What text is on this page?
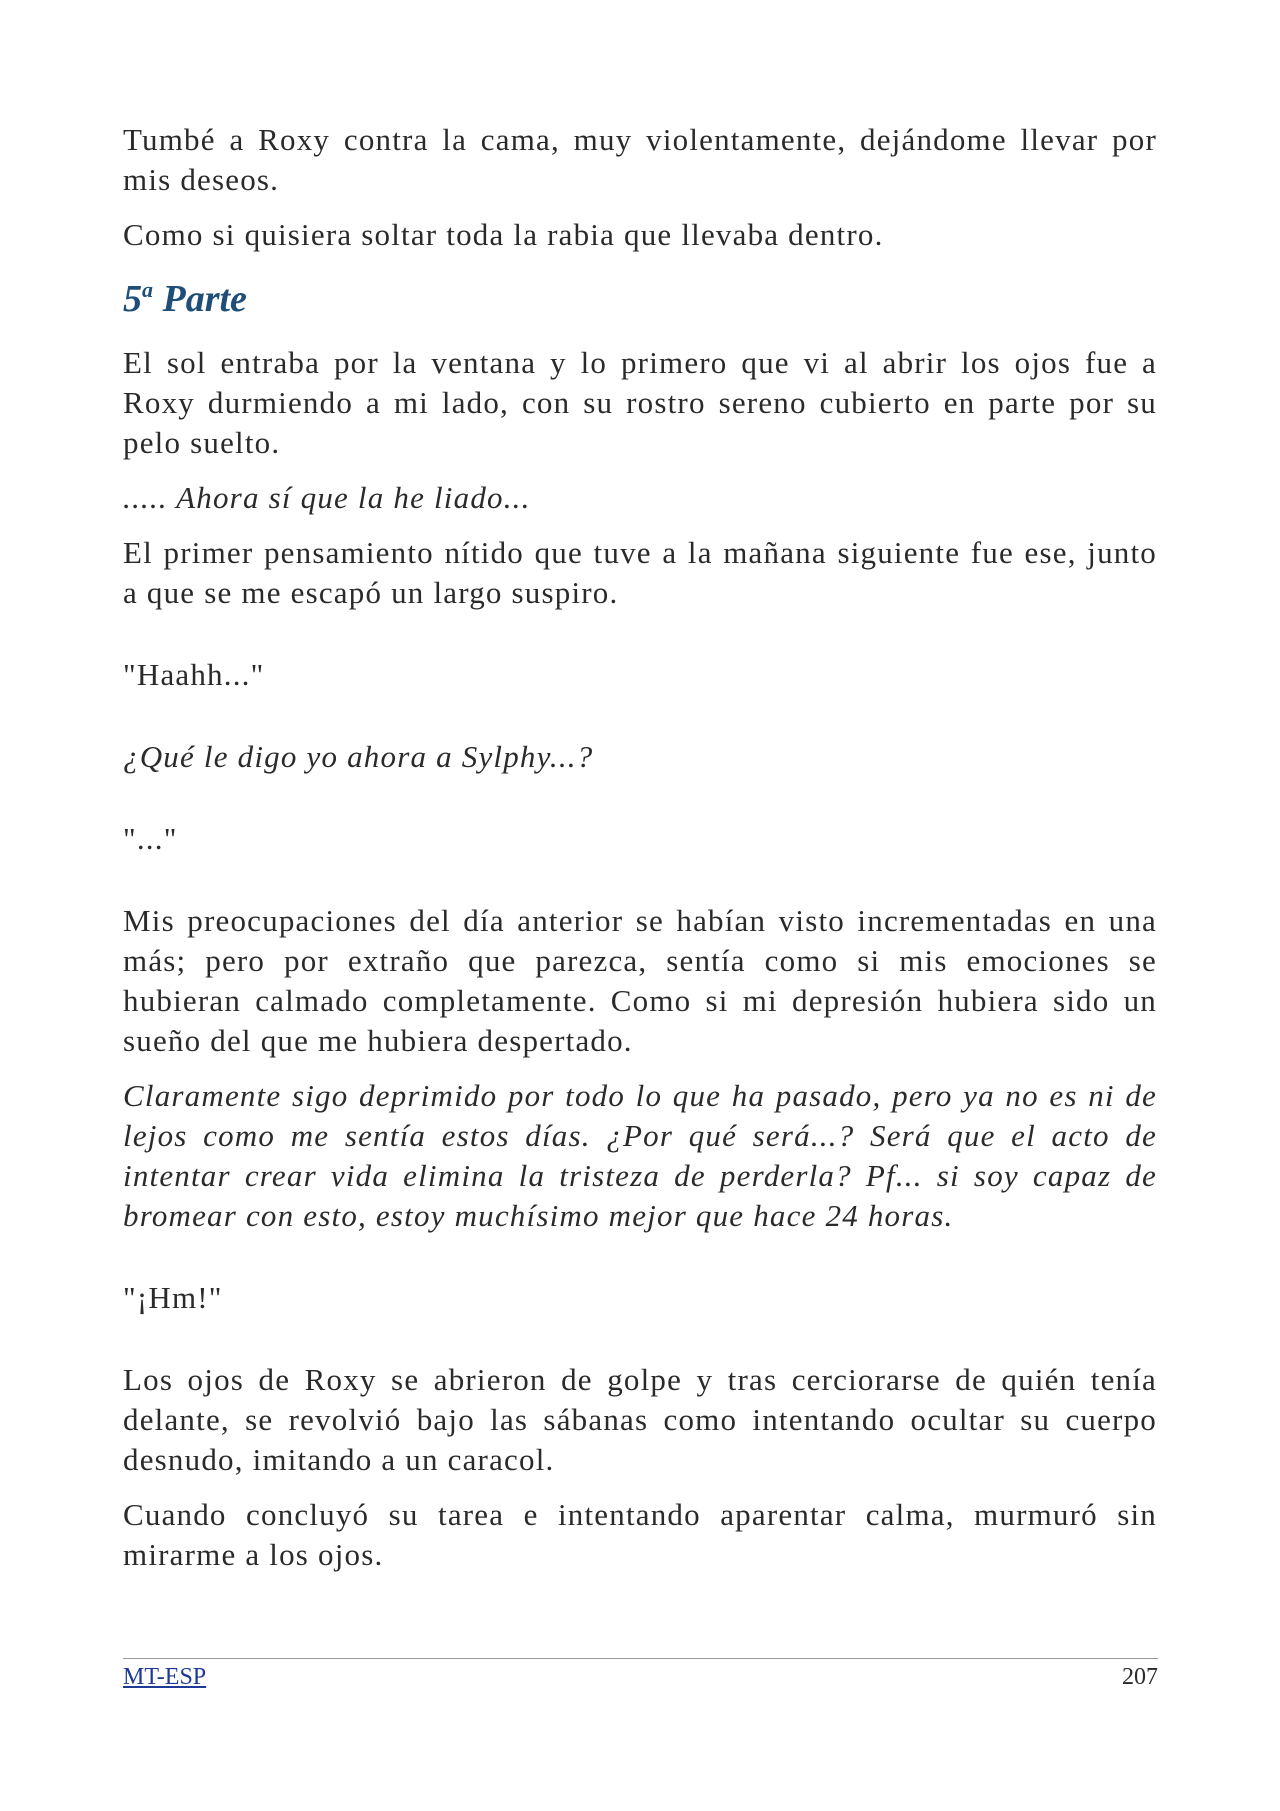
Tumbé a Roxy contra la cama, muy violentamente, dejándome llevar por mis deseos.

Como si quisiera soltar toda la rabia que llevaba dentro.

5$^a$ Parte

El sol entraba por la ventana y lo primero que vi al abrir los ojos fue a Roxy durmiendo a mi lado, con su rostro sereno cubierto en parte por su pelo suelto.

..... Ahora sí que la he liado...

El primer pensamiento nítido que tuve a la mañana siguiente fue ese, junto a que se me escapó un largo suspiro.

"Haahh..."

¿Qué le digo yo ahora a Sylphy...?

"..."

Mis preocupaciones del día anterior se habían visto incrementadas en una más; pero por extraño que parezca, sentía como si mis emociones se hubieran calmado completamente. Como si mi depresión hubiera sido un sueño del que me hubiera despertado.

Claramente sigo deprimido por todo lo que ha pasado, pero ya no es ni de lejos como me sentía estos días. ¿Por qué será...? Será que el acto de intentar crear vida elimina la tristeza de perderla? Pf... si soy capaz de bromear con esto, estoy muchísimo mejor que hace 24 horas.

"¡Hm!"

Los ojos de Roxy se abrieron de golpe y tras cerciorarse de quién tenía delante, se revolvió bajo las sábanas como intentando ocultar su cuerpo desnudo, imitando a un caracol.

Cuando concluyó su tarea e intentando aparentar calma, murmuró sin mirarme a los ojos.

MT-ESP	207
